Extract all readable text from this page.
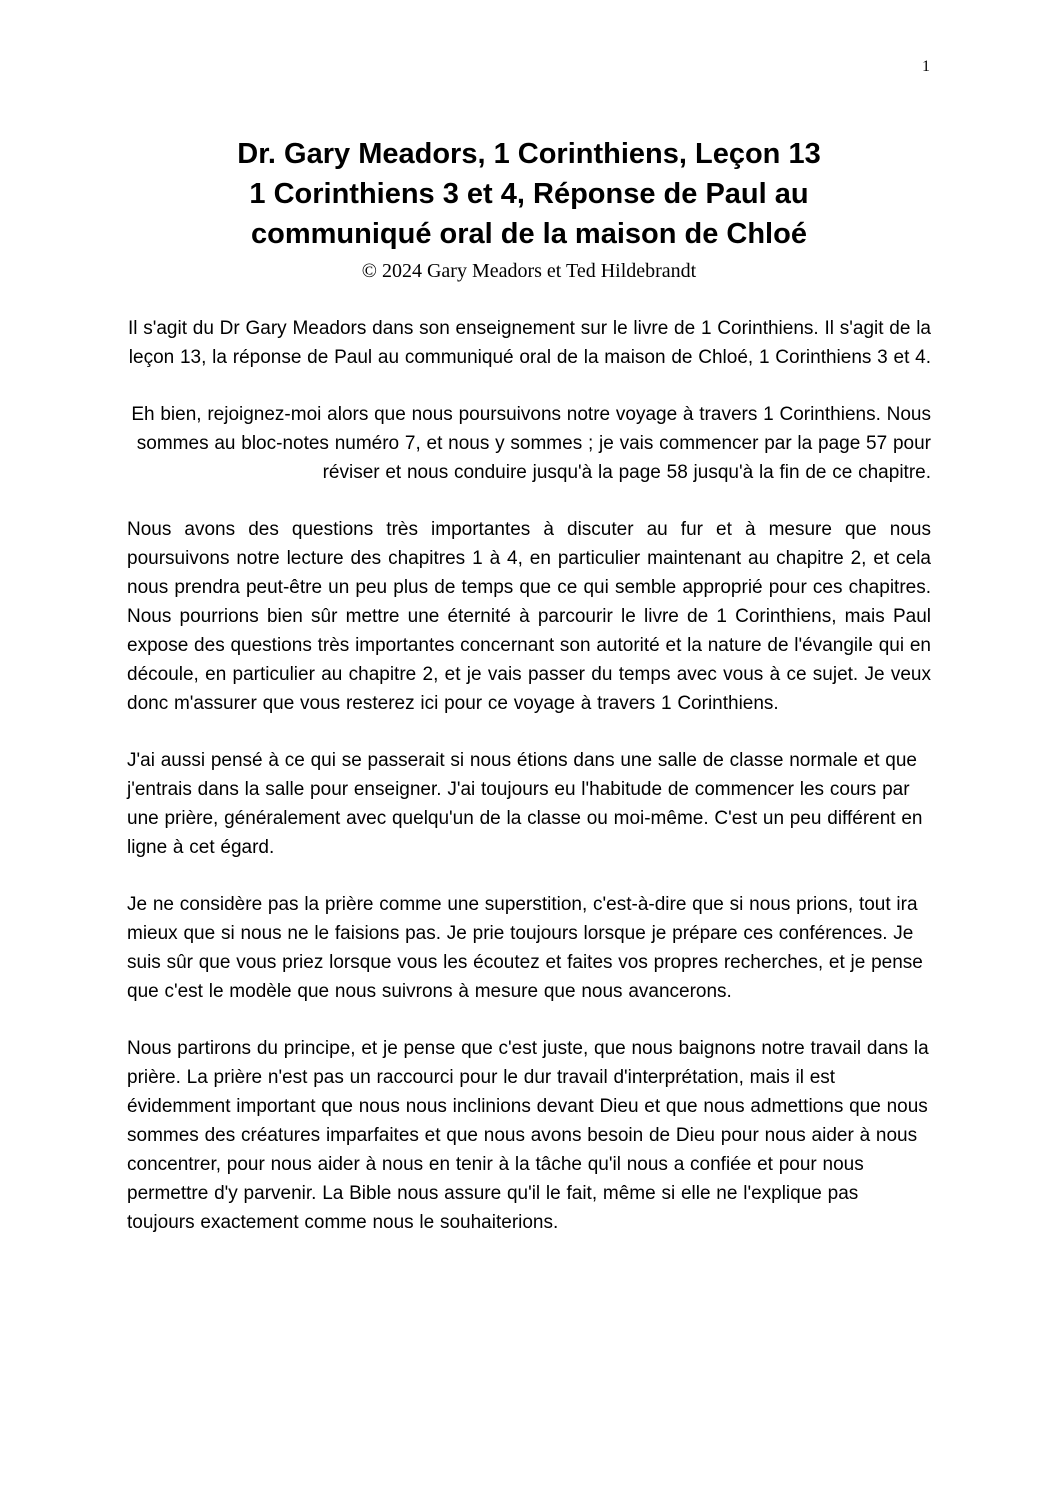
1
Dr. Gary Meadors, 1 Corinthiens, Leçon 13
1 Corinthiens 3 et 4, Réponse de Paul au
communiqué oral de la maison de Chloé
© 2024 Gary Meadors et Ted Hildebrandt

Il s'agit du Dr Gary Meadors dans son enseignement sur le livre de 1 Corinthiens. Il s'agit de la leçon 13, la réponse de Paul au communiqué oral de la maison de Chloé, 1 Corinthiens 3 et 4.

Eh bien, rejoignez-moi alors que nous poursuivons notre voyage à travers 1 Corinthiens. Nous sommes au bloc-notes numéro 7, et nous y sommes ; je vais commencer par la page 57 pour réviser et nous conduire jusqu'à la page 58 jusqu'à la fin de ce chapitre.

Nous avons des questions très importantes à discuter au fur et à mesure que nous poursuivons notre lecture des chapitres 1 à 4, en particulier maintenant au chapitre 2, et cela nous prendra peut-être un peu plus de temps que ce qui semble approprié pour ces chapitres. Nous pourrions bien sûr mettre une éternité à parcourir le livre de 1 Corinthiens, mais Paul expose des questions très importantes concernant son autorité et la nature de l'évangile qui en découle, en particulier au chapitre 2, et je vais passer du temps avec vous à ce sujet. Je veux donc m'assurer que vous resterez ici pour ce voyage à travers 1 Corinthiens.

J'ai aussi pensé à ce qui se passerait si nous étions dans une salle de classe normale et que j'entrais dans la salle pour enseigner. J'ai toujours eu l'habitude de commencer les cours par une prière, généralement avec quelqu'un de la classe ou moi-même. C'est un peu différent en ligne à cet égard.

Je ne considère pas la prière comme une superstition, c'est-à-dire que si nous prions, tout ira mieux que si nous ne le faisions pas. Je prie toujours lorsque je prépare ces conférences. Je suis sûr que vous priez lorsque vous les écoutez et faites vos propres recherches, et je pense que c'est le modèle que nous suivrons à mesure que nous avancerons.

Nous partirons du principe, et je pense que c'est juste, que nous baignons notre travail dans la prière. La prière n'est pas un raccourci pour le dur travail d'interprétation, mais il est évidemment important que nous nous inclinions devant Dieu et que nous admettions que nous sommes des créatures imparfaites et que nous avons besoin de Dieu pour nous aider à nous concentrer, pour nous aider à nous en tenir à la tâche qu'il nous a confiée et pour nous permettre d'y parvenir. La Bible nous assure qu'il le fait, même si elle ne l'explique pas toujours exactement comme nous le souhaiterions.
